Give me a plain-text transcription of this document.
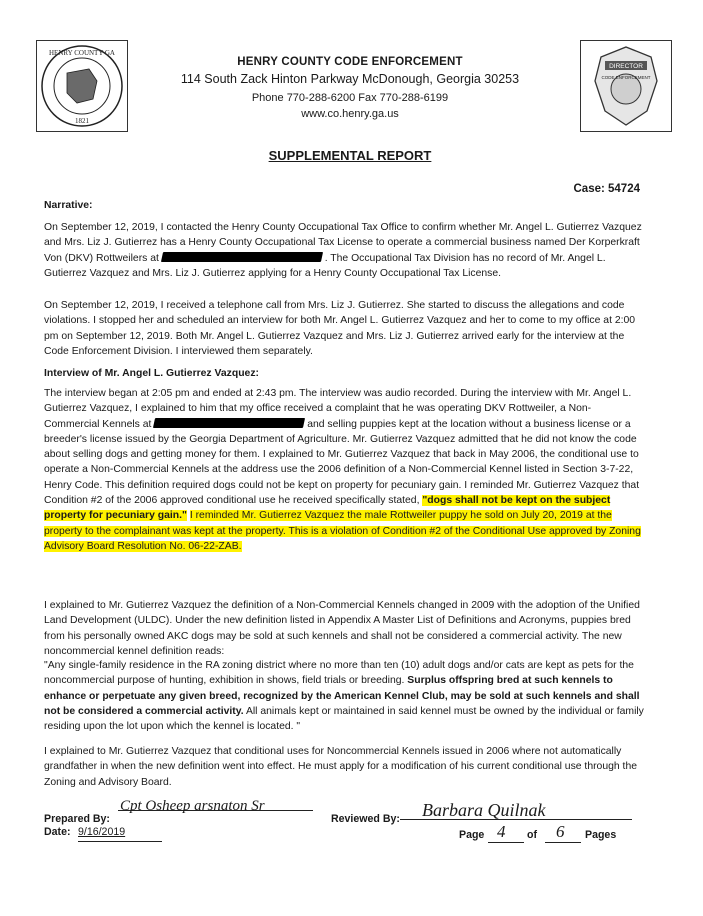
HENRY COUNTY GA
1821
DIRECTOR
CODE ENFORCEMENT
HENRY COUNTY CODE ENFORCEMENT
114 South Zack Hinton Parkway McDonough, Georgia 30253
Phone 770-288-6200 Fax 770-288-6199
www.co.henry.ga.us
SUPPLEMENTAL REPORT
Case: 54724
Narrative:
On September 12, 2019, I contacted the Henry County Occupational Tax Office to confirm whether Mr. Angel L. Gutierrez Vazquez and Mrs. Liz J. Gutierrez has a Henry County Occupational Tax License to operate a commercial business named Der Korperkraft Von (DKV) Rottweilers at	. The Occupational Tax Division has no record of Mr. Angel L. Gutierrez Vazquez and Mrs. Liz J. Gutierrez applying for a Henry County Occupational Tax License.
On September 12, 2019, I received a telephone call from Mrs. Liz J. Gutierrez. She started to discuss the allegations and code violations. I stopped her and scheduled an interview for both Mr. Angel L. Gutierrez Vazquez and her to come to my office at 2:00 pm on September 12, 2019. Both Mr. Angel L. Gutierrez Vazquez and Mrs. Liz J. Gutierrez arrived early for the interview at the Code Enforcement Division. I interviewed them separately.
Interview of Mr. Angel L. Gutierrez Vazquez:
The interview began at 2:05 pm and ended at 2:43 pm. The interview was audio recorded. During the interview with Mr. Angel L. Gutierrez Vazquez, I explained to him that my office received a complaint that he was operating DKV Rottweiler, a Non-Commercial Kennels at	and selling puppies kept at the location without a business license or a breeder's license issued by the Georgia Department of Agriculture. Mr. Gutierrez Vazquez admitted that he did not know the code about selling dogs and getting money for them. I explained to Mr. Gutierrez Vazquez that back in May 2006, the conditional use to operate a Non-Commercial Kennels at the address use the 2006 definition of a Non-Commercial Kennel listed in Section 3-7-22, Henry Code. This definition required dogs could not be kept on property for pecuniary gain. I reminded Mr. Gutierrez Vazquez that Condition #2 of the 2006 approved conditional use he received specifically stated, "dogs shall not be kept on the subject property for pecuniary gain." I reminded Mr. Gutierrez Vazquez the male Rottweiler puppy he sold on July 20, 2019 at the property to the complainant was kept at the property. This is a violation of Condition #2 of the Conditional Use approved by Zoning Advisory Board Resolution No. 06-22-ZAB.
I explained to Mr. Gutierrez Vazquez the definition of a Non-Commercial Kennels changed in 2009 with the adoption of the Unified Land Development (ULDC). Under the new definition listed in Appendix A Master List of Definitions and Acronyms, puppies bred from his personally owned AKC dogs may be sold at such kennels and shall not be considered a commercial activity. The new noncommercial kennel definition reads:
"Any single-family residence in the RA zoning district where no more than ten (10) adult dogs and/or cats are kept as pets for the noncommercial purpose of hunting, exhibition in shows, field trials or breeding. Surplus offspring bred at such kennels to enhance or perpetuate any given breed, recognized by the American Kennel Club, may be sold at such kennels and shall not be considered a commercial activity. All animals kept or maintained in said kennel must be owned by the individual or family residing upon the lot upon which the kennel is located. "
I explained to Mr. Gutierrez Vazquez that conditional uses for Noncommercial Kennels issued in 2006 where not automatically grandfather in when the new definition went into effect. He must apply for a modification of his current conditional use through the Zoning and Advisory Board.
Prepared By:
Cpt Osheep arsnaton Sr
Reviewed By: Barbara Quilnak
Date: 9/16/2019	Page 4 of 6 Pages
